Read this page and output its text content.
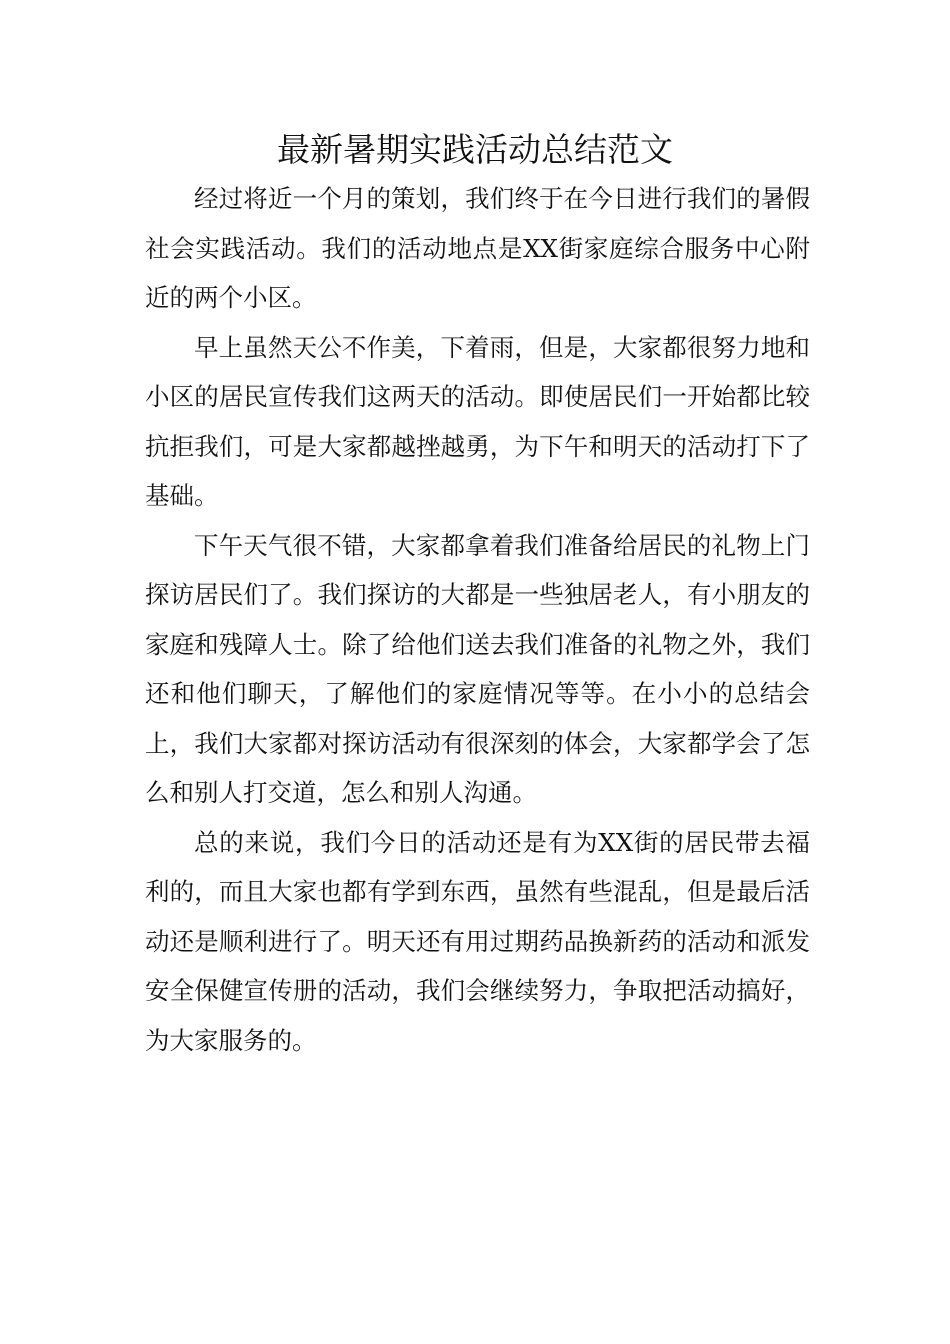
最新暑期实践活动总结范文

经过将近一个月的策划，我们终于在今日进行我们的暑假社会实践活动。我们的活动地点是XX街家庭综合服务中心附近的两个小区。

早上虽然天公不作美，下着雨，但是，大家都很努力地和小区的居民宣传我们这两天的活动。即使居民们一开始都比较抗拒我们，可是大家都越挫越勇，为下午和明天的活动打下了基础。

下午天气很不错，大家都拿着我们准备给居民的礼物上门探访居民们了。我们探访的大都是一些独居老人，有小朋友的家庭和残障人士。除了给他们送去我们准备的礼物之外，我们还和他们聊天，了解他们的家庭情况等等。在小小的总结会上，我们大家都对探访活动有很深刻的体会，大家都学会了怎么和别人打交道，怎么和别人沟通。

总的来说，我们今日的活动还是有为XX街的居民带去福利的，而且大家也都有学到东西，虽然有些混乱，但是最后活动还是顺利进行了。明天还有用过期药品换新药的活动和派发安全保健宣传册的活动，我们会继续努力，争取把活动搞好，为大家服务的。
